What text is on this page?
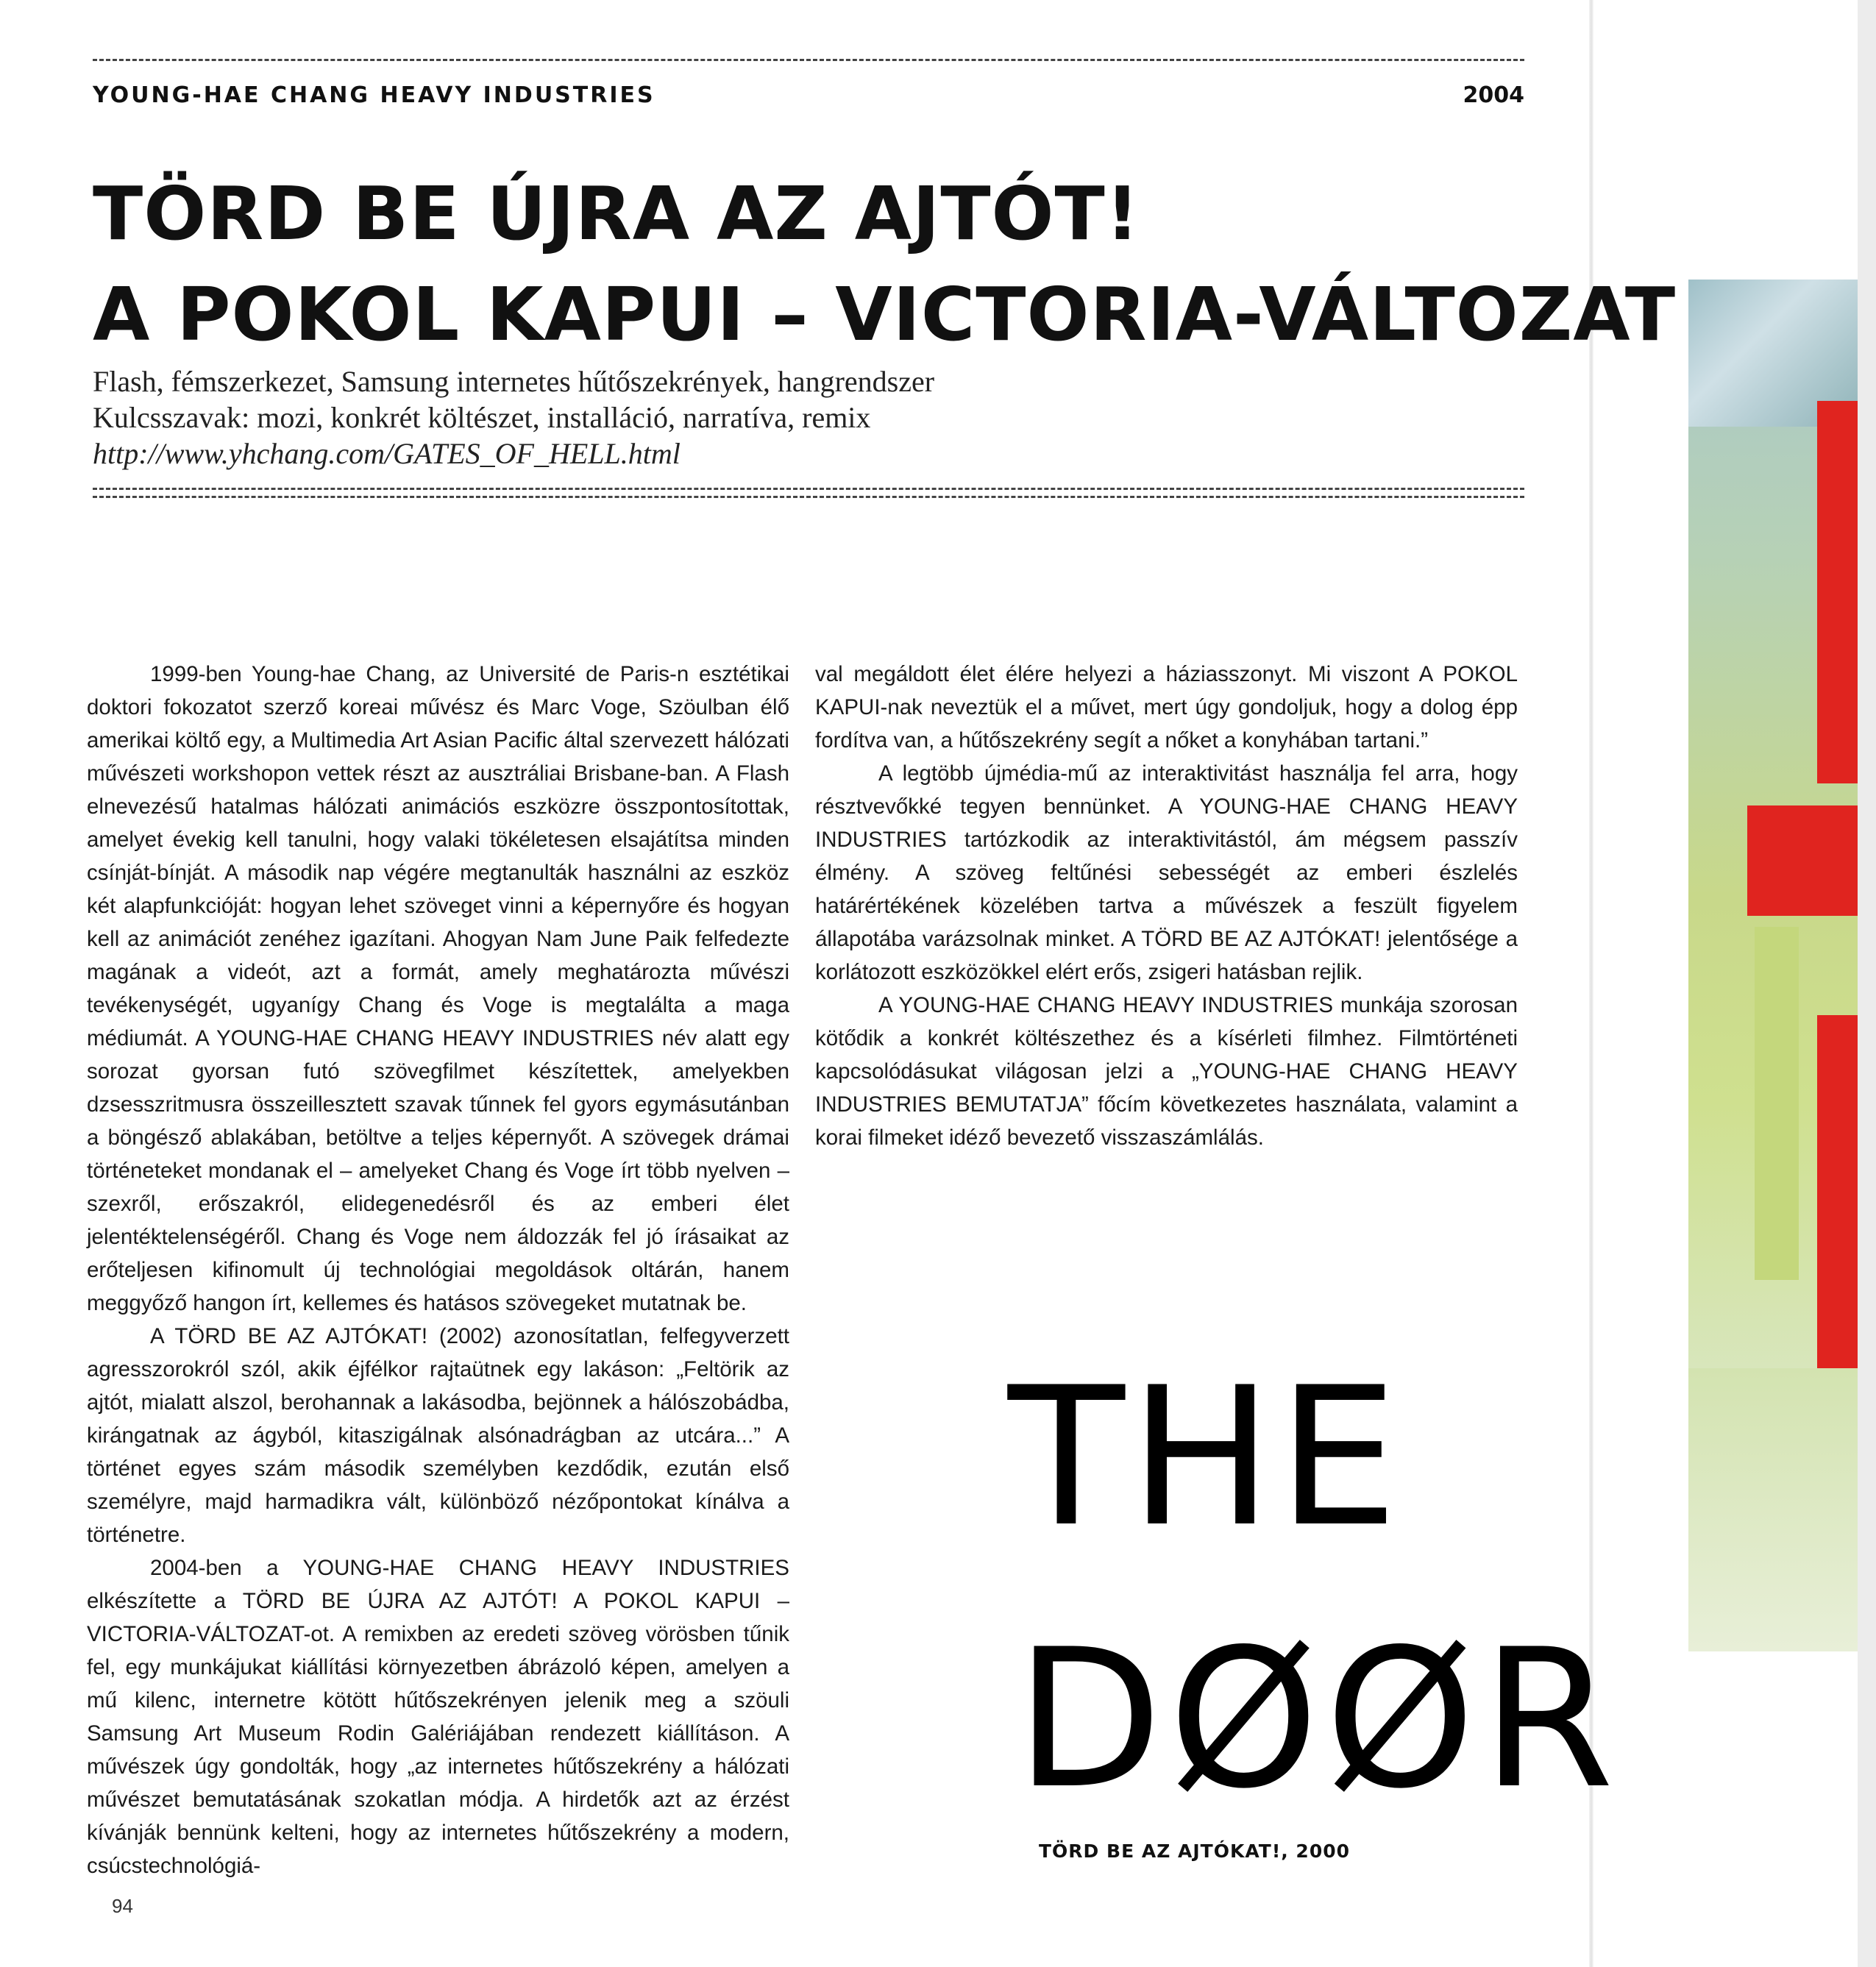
YOUNG-HAE CHANG HEAVY INDUSTRIES	2004
TÖRD BE ÚJRA AZ AJTÓT!
A POKOL KAPUI – VICTORIA-VÁLTOZAT
Flash, fémszerkezet, Samsung internetes hűtőszekrények, hangrendszer
Kulcsszavak: mozi, konkrét költészet, installáció, narratíva, remix
http://www.yhchang.com/GATES_OF_HELL.html

1999-ben Young-hae Chang, az Université de Paris-n esztétikai doktori fokozatot szerző koreai művész és Marc Voge, Szöulban élő amerikai költő egy, a Multimedia Art Asian Pacific által szervezett hálózati művészeti workshopon vettek részt az ausztráliai Brisbane-ban. A Flash elnevezésű hatalmas hálózati animációs eszközre összpontosítottak, amelyet évekig kell tanulni, hogy valaki tökéletesen elsajátítsa minden csínját-bínját. A második nap végére megtanulták használni az eszköz két alapfunkcióját: hogyan lehet szöveget vinni a képernyőre és hogyan kell az animációt zenéhez igazítani. Ahogyan Nam June Paik felfedezte magának a videót, azt a formát, amely meghatározta művészi tevékenységét, ugyanígy Chang és Voge is megtalálta a maga médiumát. A YOUNG-HAE CHANG HEAVY INDUSTRIES név alatt egy sorozat gyorsan futó szövegfilmet készítettek, amelyekben dzsesszritmusra összeillesztett szavak tűnnek fel gyors egymásutánban a böngésző ablakában, betöltve a teljes képernyőt. A szövegek drámai történeteket mondanak el – amelyeket Chang és Voge írt több nyelven – szexről, erőszakról, elidegenedésről és az emberi élet jelentéktelenségéről. Chang és Voge nem áldozzák fel jó írásaikat az erőteljesen kifinomult új technológiai megoldások oltárán, hanem meggyőző hangon írt, kellemes és hatásos szövegeket mutatnak be.

A TÖRD BE AZ AJTÓKAT! (2002) azonosítatlan, felfegyverzett agresszorokról szól, akik éjfélkor rajtaütnek egy lakáson: „Feltörik az ajtót, mialatt alszol, berohannak a lakásodba, bejönnek a hálószobádba, kirángatnak az ágyból, kitaszigálnak alsónadrágban az utcára...” A történet egyes szám második személyben kezdődik, ezután első személyre, majd harmadikra vált, különböző nézőpontokat kínálva a történetre.

2004-ben a YOUNG-HAE CHANG HEAVY INDUSTRIES elkészítette a TÖRD BE ÚJRA AZ AJTÓT! A POKOL KAPUI – VICTORIA-VÁLTOZAT-ot. A remixben az eredeti szöveg vörösben tűnik fel, egy munkájukat kiállítási környezetben ábrázoló képen, amelyen a mű kilenc, internetre kötött hűtőszekrényen jelenik meg a szöuli Samsung Art Museum Rodin Galériájában rendezett kiállításon. A művészek úgy gondolták, hogy „az internetes hűtőszekrény a hálózati művészet bemutatásának szokatlan módja. A hirdetők azt az érzést kívánják bennünk kelteni, hogy az internetes hűtőszekrény a modern, csúcstechnológiá-

val megáldott élet élére helyezi a háziasszonyt. Mi viszont A POKOL KAPUI-nak neveztük el a művet, mert úgy gondoljuk, hogy a dolog épp fordítva van, a hűtőszekrény segít a nőket a konyhában tartani.”

A legtöbb újmédia-mű az interaktivitást használja fel arra, hogy résztvevőkké tegyen bennünket. A YOUNG-HAE CHANG HEAVY INDUSTRIES tartózkodik az interaktivitástól, ám mégsem passzív élmény. A szöveg feltűnési sebességét az emberi észlelés határértékének közelében tartva a művészek a feszült figyelem állapotába varázsolnak minket. A TÖRD BE AZ AJTÓKAT! jelentősége a korlátozott eszközökkel elért erős, zsigeri hatásban rejlik.

A YOUNG-HAE CHANG HEAVY INDUSTRIES munkája szorosan kötődik a konkrét költészethez és a kísérleti filmhez. Filmtörténeti kapcsolódásukat világosan jelzi a „YOUNG-HAE CHANG HEAVY INDUSTRIES BEMUTATJA” főcím következetes használata, valamint a korai filmeket idéző bevezető visszaszámlálás.

THE
DØØR
TÖRD BE AZ AJTÓKAT!, 2000
94
